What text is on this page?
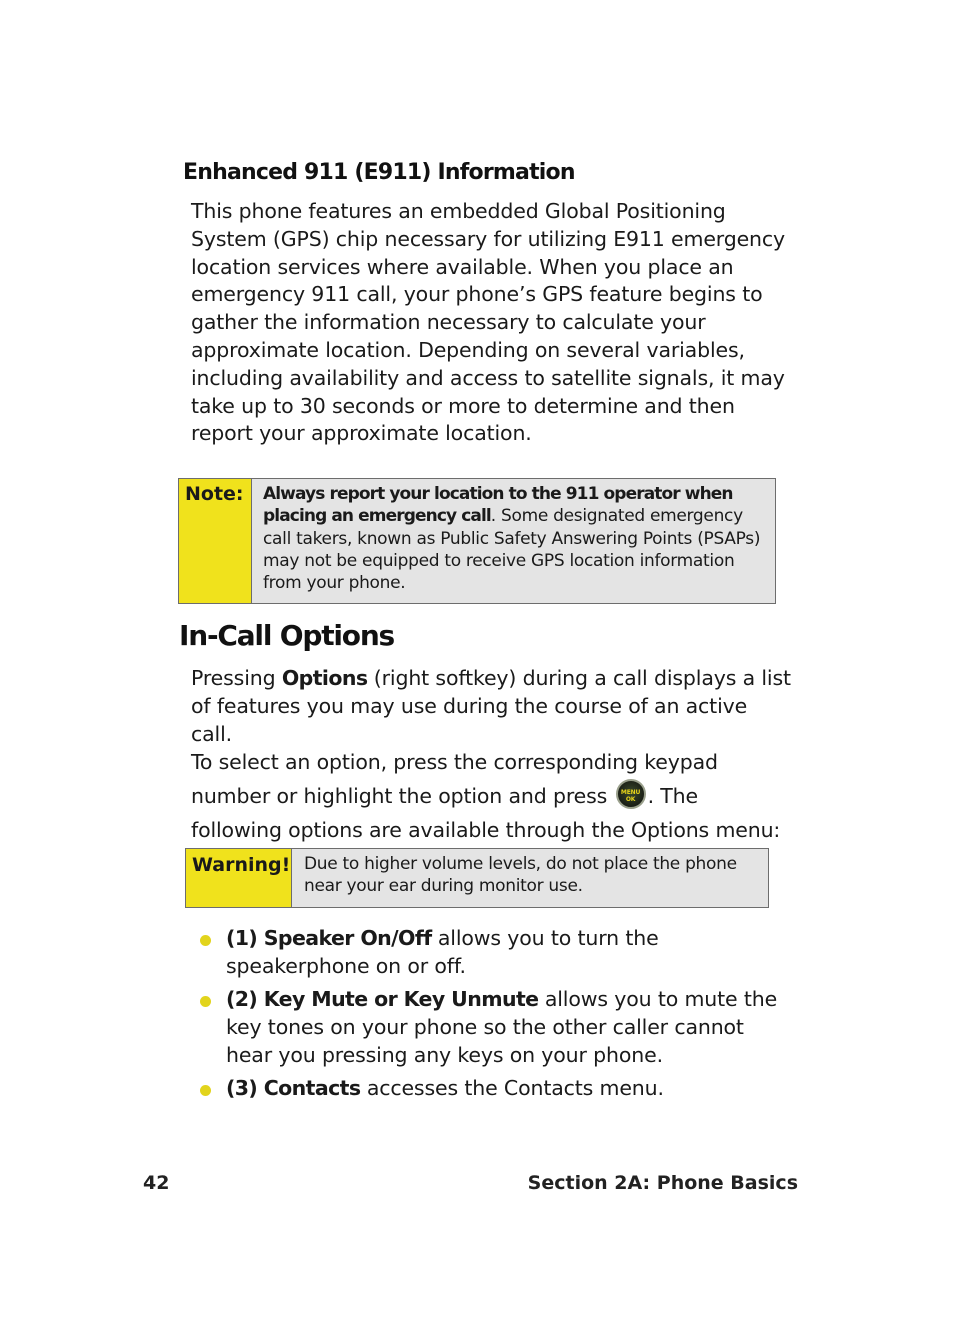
Enhanced 911 (E911) Information

This phone features an embedded Global Positioning System (GPS) chip necessary for utilizing E911 emergency location services where available. When you place an emergency 911 call, your phone’s GPS feature begins to gather the information necessary to calculate your approximate location. Depending on several variables, including availability and access to satellite signals, it may take up to 30 seconds or more to determine and then report your approximate location.

Note:	Always report your location to the 911 operator when placing an emergency call. Some designated emergency call takers, known as Public Safety Answering Points (PSAPs) may not be equipped to receive GPS location information from your phone.
In-Call Options

Pressing Options (right softkey) during a call displays a list of features you may use during the course of an active call.

To select an option, press the corresponding keypad number or highlight the option and press MENU
OK . The following options are available through the Options menu:

Warning! Due to higher volume levels, do not place the phone near your ear during monitor use.
(1) Speaker On/Off allows you to turn the speakerphone on or off.
(2) Key Mute or Key Unmute allows you to mute the key tones on your phone so the other caller cannot hear you pressing any keys on your phone.
(3) Contacts accesses the Contacts menu.
42	Section 2A: Phone Basics
